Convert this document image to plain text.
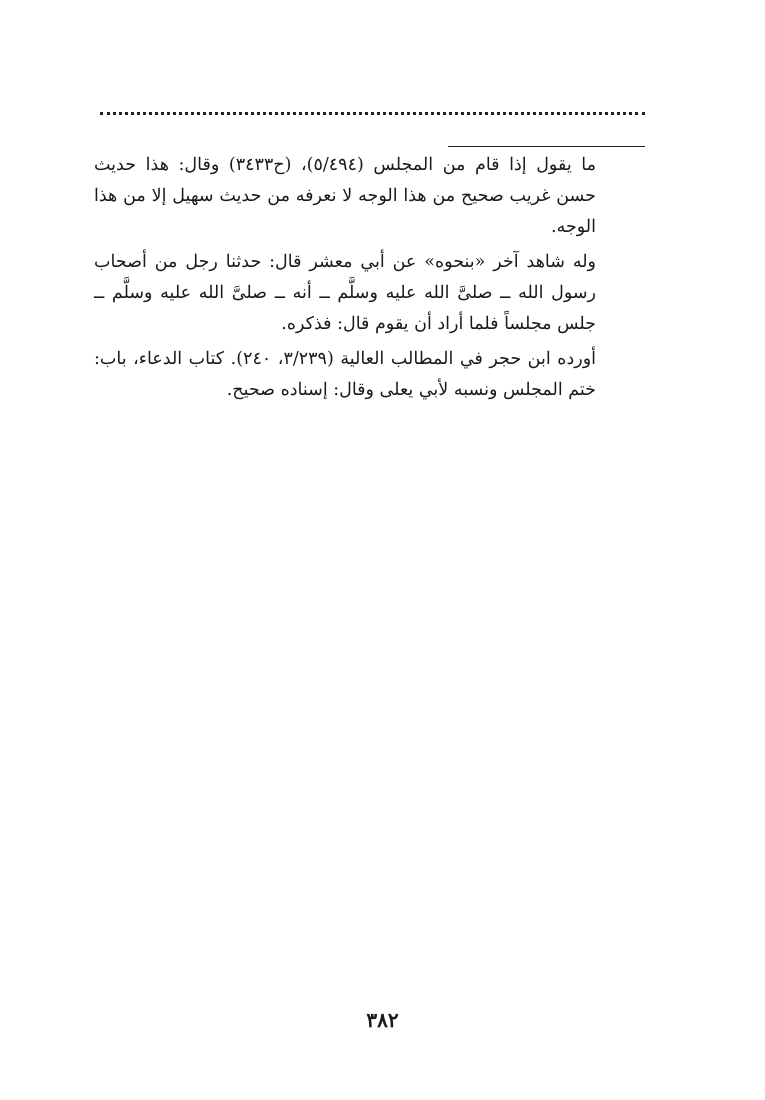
ما يقول إذا قام من المجلس (٥/٤٩٤)، (ح٣٤٣٣) وقال: هذا حديث حسن غريب صحيح من هذا الوجه لا نعرفه من حديث سهيل إلا من هذا الوجه.

وله شاهد آخر «بنحوه» عن أبي معشر قال: حدثنا رجل من أصحاب رسول الله ــ صلىَّ الله عليه وسلَّم ــ أنه ــ صلىَّ الله عليه وسلَّم ــ جلس مجلساً فلما أراد أن يقوم قال: فذكره.

أورده ابن حجر في المطالب العالية (٣/٢٣٩، ٢٤٠). كتاب الدعاء، باب: ختم المجلس ونسبه لأبي يعلى وقال: إسناده صحيح.

٣٨٢
